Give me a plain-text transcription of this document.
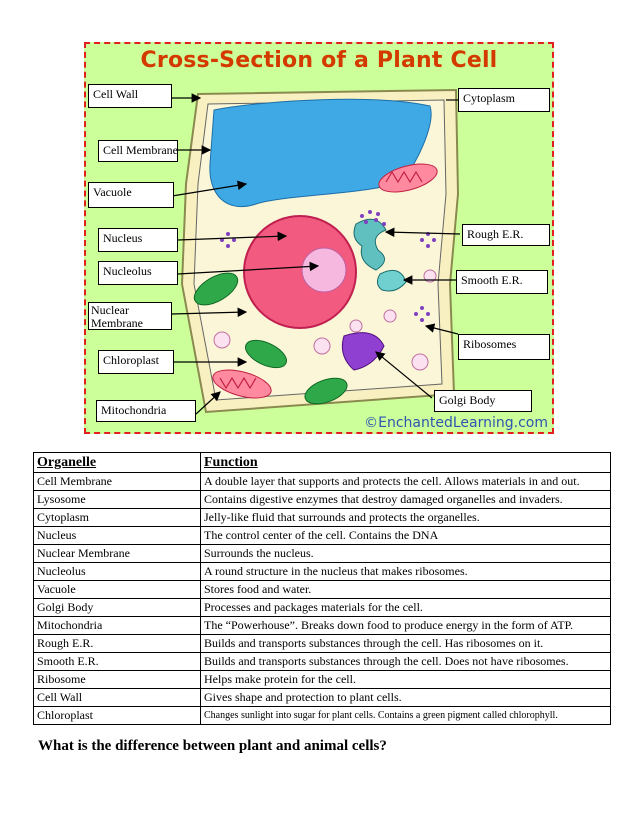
Cross-Section of a Plant Cell
©EnchantedLearning.com
Cell Wall
Cell Membrane
Vacuole
Nucleus
Nucleolus
Nuclear Membrane
Chloroplast
Mitochondria
Cytoplasm
Rough E.R.
Smooth E.R.
Ribosomes
Golgi Body
Organelle	Function
Cell Membrane	A double layer that supports and protects the cell. Allows materials in and out.
Lysosome	Contains digestive enzymes that destroy damaged organelles and invaders.
Cytoplasm	Jelly-like fluid that surrounds and protects the organelles.
Nucleus	The control center of the cell. Contains the DNA
Nuclear Membrane	Surrounds the nucleus.
Nucleolus	A round structure in the nucleus that makes ribosomes.
Vacuole	Stores food and water.
Golgi Body	Processes and packages materials for the cell.
Mitochondria	The “Powerhouse”. Breaks down food to produce energy in the form of ATP.
Rough E.R.	Builds and transports substances through the cell. Has ribosomes on it.
Smooth E.R.	Builds and transports substances through the cell. Does not have ribosomes.
Ribosome	Helps make protein for the cell.
Cell Wall	Gives shape and protection to plant cells.
Chloroplast	Changes sunlight into sugar for plant cells. Contains a green pigment called chlorophyll.
What is the difference between plant and animal cells?
